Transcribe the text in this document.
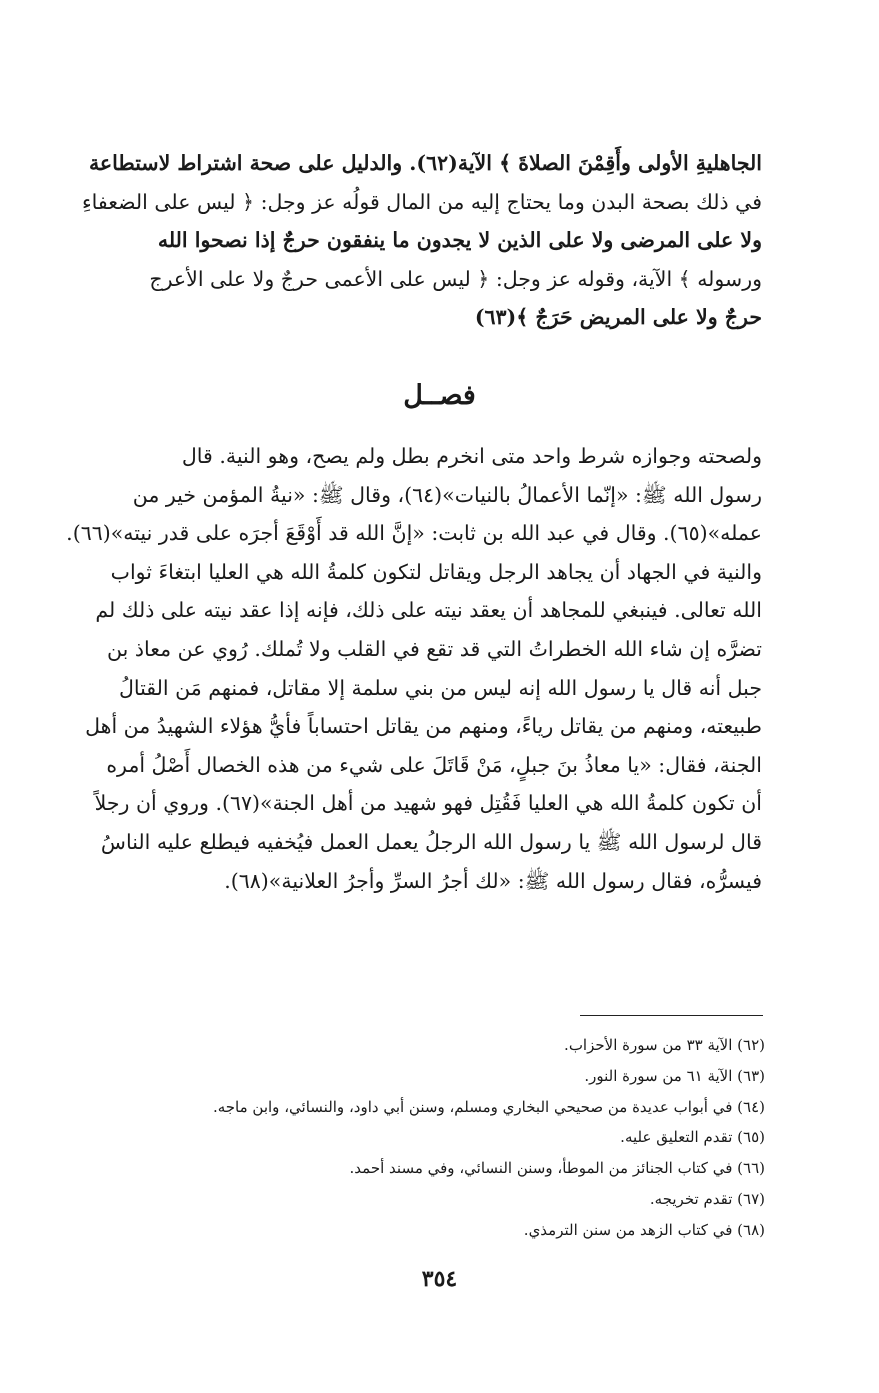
الجاهليةِ الأولى وأَقِمْنَ الصلاةَ ﴾ الآية(٦٢). والدليل على صحة اشتراط لاستطاعة
في ذلك بصحة البدن وما يحتاج إليه من المال قولُه عز وجل: ﴿ ليس على الضعفاءِ
ولا على المرضى ولا على الذين لا يجدون ما ينفقون حرجٌ إذا نصحوا الله
ورسوله ﴾ الآية، وقوله عز وجل: ﴿ ليس على الأعمى حرجٌ ولا على الأعرج
حرجٌ ولا على المريض حَرَجٌ ﴾(٦٣)
فصــل
ولصحته وجوازه شرط واحد متى انخرم بطل ولم يصح، وهو النية. قال
رسول الله ﷺ: «إنّما الأعمالُ بالنيات»(٦٤)، وقال ﷺ: «نيةُ المؤمن خير من
عمله»(٦٥). وقال في عبد الله بن ثابت: «إنَّ الله قد أَوْقَعَ أجرَه على قدر نيته»(٦٦).
والنية في الجهاد أن يجاهد الرجل ويقاتل لتكون كلمةُ الله هي العليا ابتغاءَ ثواب
الله تعالى. فينبغي للمجاهد أن يعقد نيته على ذلك، فإنه إذا عقد نيته على ذلك لم
تضرَّه إن شاء الله الخطراتُ التي قد تقع في القلب ولا تُملك. رُوي عن معاذ بن
جبل أنه قال يا رسول الله إنه ليس من بني سلمة إلا مقاتل، فمنهم مَن القتالُ
طبيعته، ومنهم من يقاتل رياءً، ومنهم من يقاتل احتساباً فأيُّ هؤلاء الشهيدُ من أهل
الجنة، فقال: «يا معاذُ بنَ جبلٍ، مَنْ قَاتَلَ على شيء من هذه الخصال أَصْلُ أمره
أن تكون كلمةُ الله هي العليا فَقُتِل فهو شهيد من أهل الجنة»(٦٧). وروي أن رجلاً
قال لرسول الله ﷺ يا رسول الله الرجلُ يعمل العمل فيُخفيه فيطلع عليه الناسُ
فيسرُّه، فقال رسول الله ﷺ: «لك أجرُ السرِّ وأجرُ العلانية»(٦٨).
(٦٢) الآية ٣٣ من سورة الأحزاب.
(٦٣) الآية ٦١ من سورة النور.
(٦٤) في أبواب عديدة من صحيحي البخاري ومسلم، وسنن أبي داود، والنسائي، وابن ماجه.
(٦٥) تقدم التعليق عليه.
(٦٦) في كتاب الجنائز من الموطأ، وسنن النسائي، وفي مسند أحمد.
(٦٧) تقدم تخريجه.
(٦٨) في كتاب الزهد من سنن الترمذي.
٣٥٤
